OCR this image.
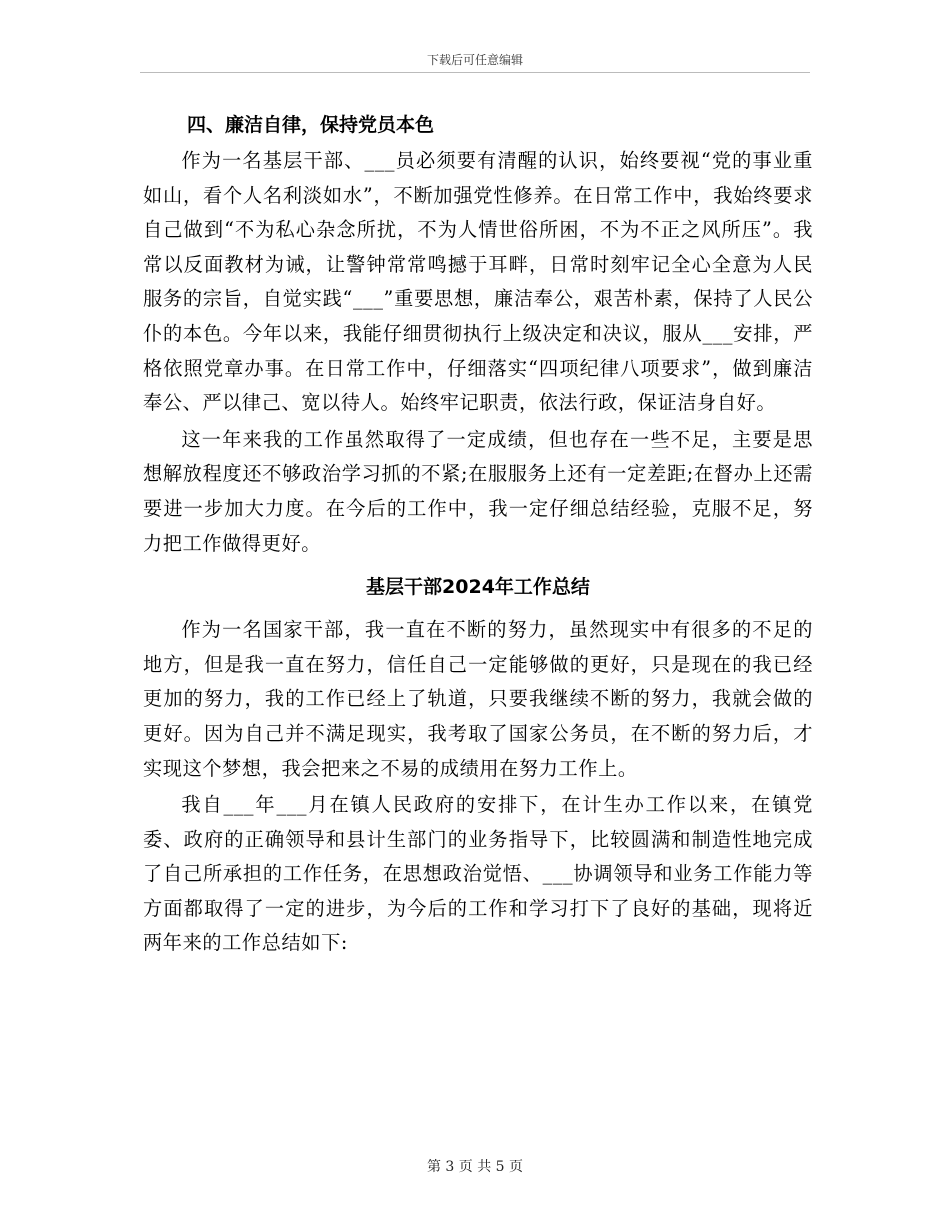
下载后可任意编辑
四、廉洁自律，保持党员本色

作为一名基层干部、___员必须要有清醒的认识，始终要视“党的事业重如山，看个人名利淡如水”，不断加强党性修养。在日常工作中，我始终要求自己做到“不为私心杂念所扰，不为人情世俗所困，不为不正之风所压”。我常以反面教材为诫，让警钟常常鸣撼于耳畔，日常时刻牢记全心全意为人民服务的宗旨，自觉实践“___”重要思想，廉洁奉公，艰苦朴素，保持了人民公仆的本色。今年以来，我能仔细贯彻执行上级决定和决议，服从___安排，严格依照党章办事。在日常工作中，仔细落实“四项纪律八项要求”，做到廉洁奉公、严以律己、宽以待人。始终牢记职责，依法行政，保证洁身自好。

这一年来我的工作虽然取得了一定成绩，但也存在一些不足，主要是思想解放程度还不够政治学习抓的不紧;在服服务上还有一定差距;在督办上还需要进一步加大力度。在今后的工作中，我一定仔细总结经验，克服不足，努力把工作做得更好。

基层干部2024年工作总结

作为一名国家干部，我一直在不断的努力，虽然现实中有很多的不足的地方，但是我一直在努力，信任自己一定能够做的更好，只是现在的我已经更加的努力，我的工作已经上了轨道，只要我继续不断的努力，我就会做的更好。因为自己并不满足现实，我考取了国家公务员，在不断的努力后，才实现这个梦想，我会把来之不易的成绩用在努力工作上。

我自___年___月在镇人民政府的安排下，在计生办工作以来，在镇党委、政府的正确领导和县计生部门的业务指导下，比较圆满和制造性地完成了自己所承担的工作任务，在思想政治觉悟、___协调领导和业务工作能力等方面都取得了一定的进步，为今后的工作和学习打下了良好的基础，现将近两年来的工作总结如下:

第 3 页 共 5 页
